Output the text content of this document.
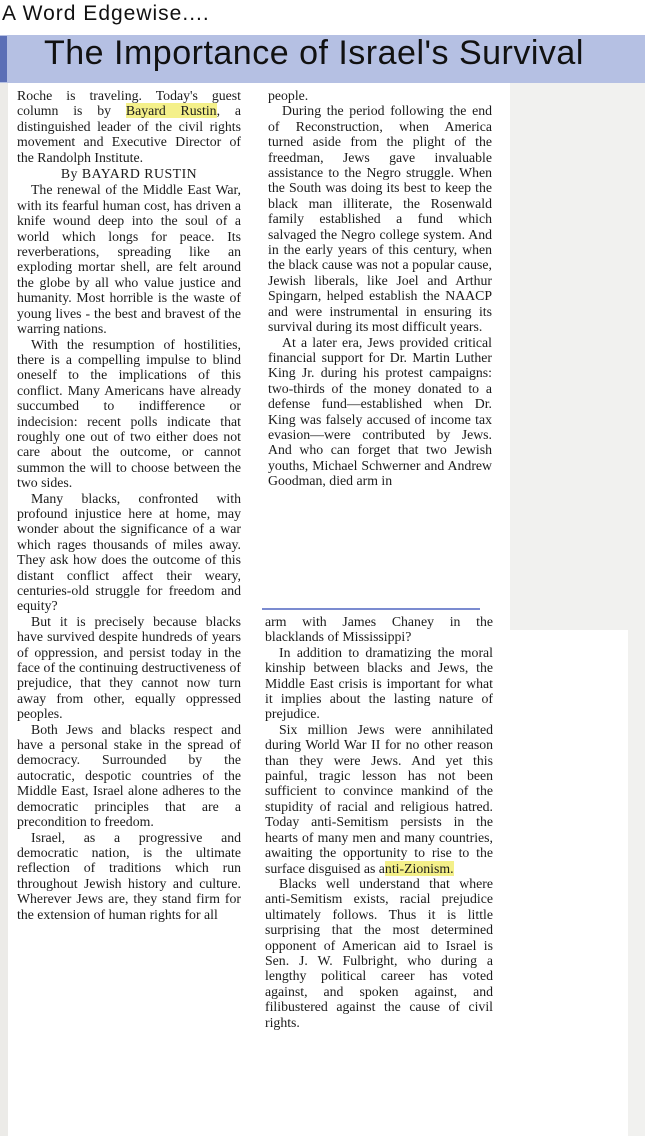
A Word Edgewise....
The Importance of Israel's Survival

Roche is traveling. Today's guest column is by Bayard Rustin, a distinguished leader of the civil rights movement and Executive Director of the Randolph Institute.

By BAYARD RUSTIN

The renewal of the Middle East War, with its fearful human cost, has driven a knife wound deep into the soul of a world which longs for peace. Its reverberations, spreading like an exploding mortar shell, are felt around the globe by all who value justice and humanity. Most horrible is the waste of young lives - the best and bravest of the warring nations.

With the resumption of hostilities, there is a compelling impulse to blind oneself to the implications of this conflict. Many Americans have already succumbed to indifference or indecision: recent polls indicate that roughly one out of two either does not care about the outcome, or cannot summon the will to choose between the two sides.

Many blacks, confronted with profound injustice here at home, may wonder about the significance of a war which rages thousands of miles away. They ask how does the outcome of this distant conflict affect their weary, centuries-old struggle for freedom and equity?

But it is precisely because blacks have survived despite hundreds of years of oppression, and persist today in the face of the continuing destructiveness of prejudice, that they cannot now turn away from other, equally oppressed peoples.

Both Jews and blacks respect and have a personal stake in the spread of democracy. Surrounded by the autocratic, despotic countries of the Middle East, Israel alone adheres to the democratic principles that are a precondition to freedom.

Israel, as a progressive and democratic nation, is the ultimate reflection of traditions which run throughout Jewish history and culture. Wherever Jews are, they stand firm for the extension of human rights for all

people.

During the period following the end of Reconstruction, when America turned aside from the plight of the freedman, Jews gave invaluable assistance to the Negro struggle. When the South was doing its best to keep the black man illiterate, the Rosenwald family established a fund which salvaged the Negro college system. And in the early years of this century, when the black cause was not a popular cause, Jewish liberals, like Joel and Arthur Spingarn, helped establish the NAACP and were instrumental in ensuring its survival during its most difficult years.

At a later era, Jews provided critical financial support for Dr. Martin Luther King Jr. during his protest campaigns: two-thirds of the money donated to a defense fund—established when Dr. King was falsely accused of income tax evasion—were contributed by Jews. And who can forget that two Jewish youths, Michael Schwerner and Andrew Goodman, died arm in

arm with James Chaney in the blacklands of Mississippi?

In addition to dramatizing the moral kinship between blacks and Jews, the Middle East crisis is important for what it implies about the lasting nature of prejudice.

Six million Jews were annihilated during World War II for no other reason than they were Jews. And yet this painful, tragic lesson has not been sufficient to convince mankind of the stupidity of racial and religious hatred. Today anti-Semitism persists in the hearts of many men and many countries, awaiting the opportunity to rise to the surface disguised as anti-Zionism.

Blacks well understand that where anti-Semitism exists, racial prejudice ultimately follows. Thus it is little surprising that the most determined opponent of American aid to Israel is Sen. J. W. Fulbright, who during a lengthy political career has voted against, and spoken against, and filibustered against the cause of civil rights.
